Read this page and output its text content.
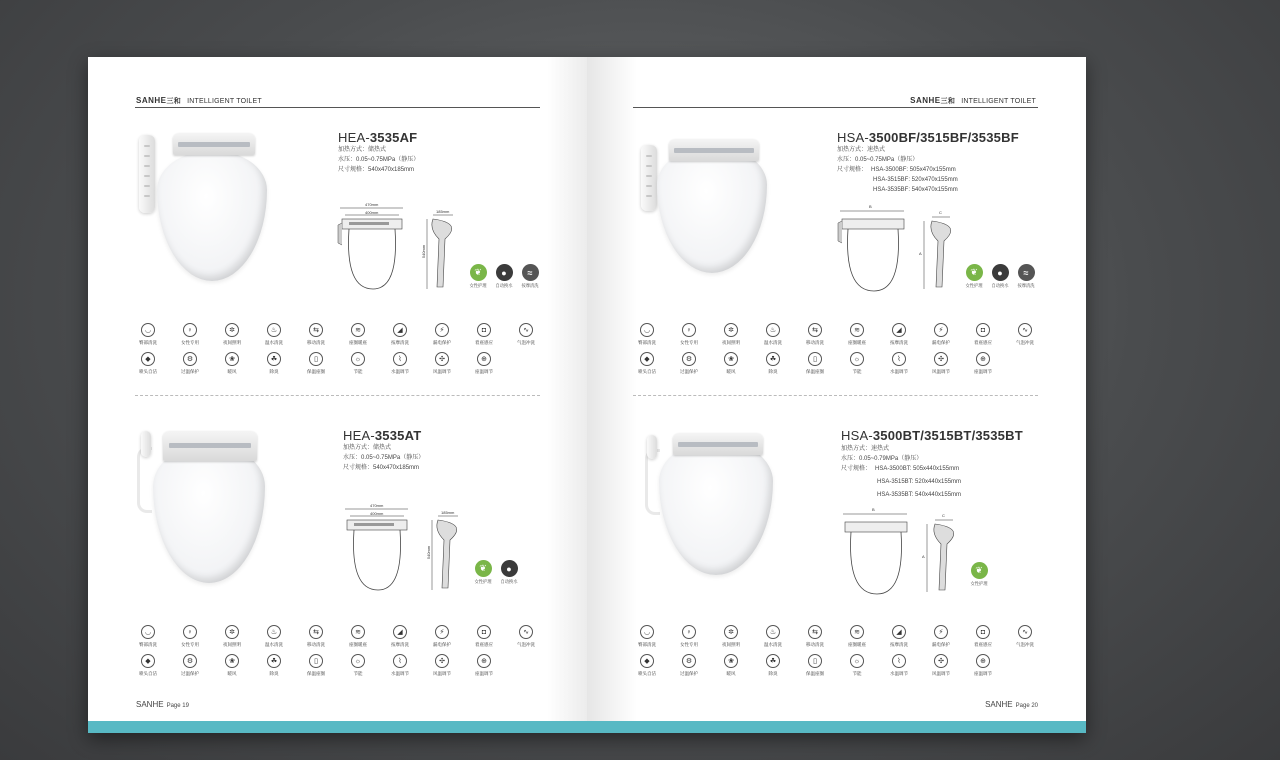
SANHE三和 INTELLIGENT TOILET
HEA-3535AF
加热方式：储热式
水压：0.05~0.75MPa（静压）
尺寸规格：540x470x185mm
470mm
400mm	185mm
540mm
❦
女性护理
●
自动换水
≈
按摩清洗
◡
臀部清洗
♀
女性专用
✲
夜间照明
♨
温水清洗
⇆
移动清洗
≋
座圈暖座
◢
按摩清洗
⚡
漏电保护
◘
着座感应
∿
气泡冲洗
◆
喷头自洁
⚙
过温保护
❀
暖风
☘
除臭
▯
保温座圈
☼
节能
⌇
水温调节
✣
风温调节
⊕
座温调节
HEA-3535AT
加热方式：储热式
水压：0.05~0.75MPa（静压）
尺寸规格：540x470x185mm
470mm
400mm	185mm
540mm
❦
女性护理
●
自动换水
◡
臀部清洗
♀
女性专用
✲
夜间照明
♨
温水清洗
⇆
移动清洗
≋
座圈暖座
◢
按摩清洗
⚡
漏电保护
◘
着座感应
∿
气泡冲洗
◆
喷头自洁
⚙
过温保护
❀
暖风
☘
除臭
▯
保温座圈
☼
节能
⌇
水温调节
✣
风温调节
⊕
座温调节
SANHE Page 19
SANHE三和 INTELLIGENT TOILET
HSA-3500BF/3515BF/3535BF
加热方式：速热式
水压：0.05~0.75MPa（静压）
尺寸规格： HSA-3500BF: 505x470x155mm
HSA-3515BF: 520x470x155mm
HSA-3535BF: 540x470x155mm
B
C
A
❦
女性护理
●
自动换水
≈
按摩清洗
◡
臀部清洗
♀
女性专用
✲
夜间照明
♨
温水清洗
⇆
移动清洗
≋
座圈暖座
◢
按摩清洗
⚡
漏电保护
◘
着座感应
∿
气泡冲洗
◆
喷头自洁
⚙
过温保护
❀
暖风
☘
除臭
▯
保温座圈
☼
节能
⌇
水温调节
✣
风温调节
⊕
座温调节
HSA-3500BT/3515BT/3535BT
加热方式：速热式
水压：0.05~0.79MPa（静压）
尺寸规格： HSA-3500BT: 505x440x155mm
HSA-3515BT: 520x440x155mm
HSA-3535BT: 540x440x155mm
B
C
A
❦
女性护理
◡
臀部清洗
♀
女性专用
✲
夜间照明
♨
温水清洗
⇆
移动清洗
≋
座圈暖座
◢
按摩清洗
⚡
漏电保护
◘
着座感应
∿
气泡冲洗
◆
喷头自洁
⚙
过温保护
❀
暖风
☘
除臭
▯
保温座圈
☼
节能
⌇
水温调节
✣
风温调节
⊕
座温调节
SANHE Page 20
